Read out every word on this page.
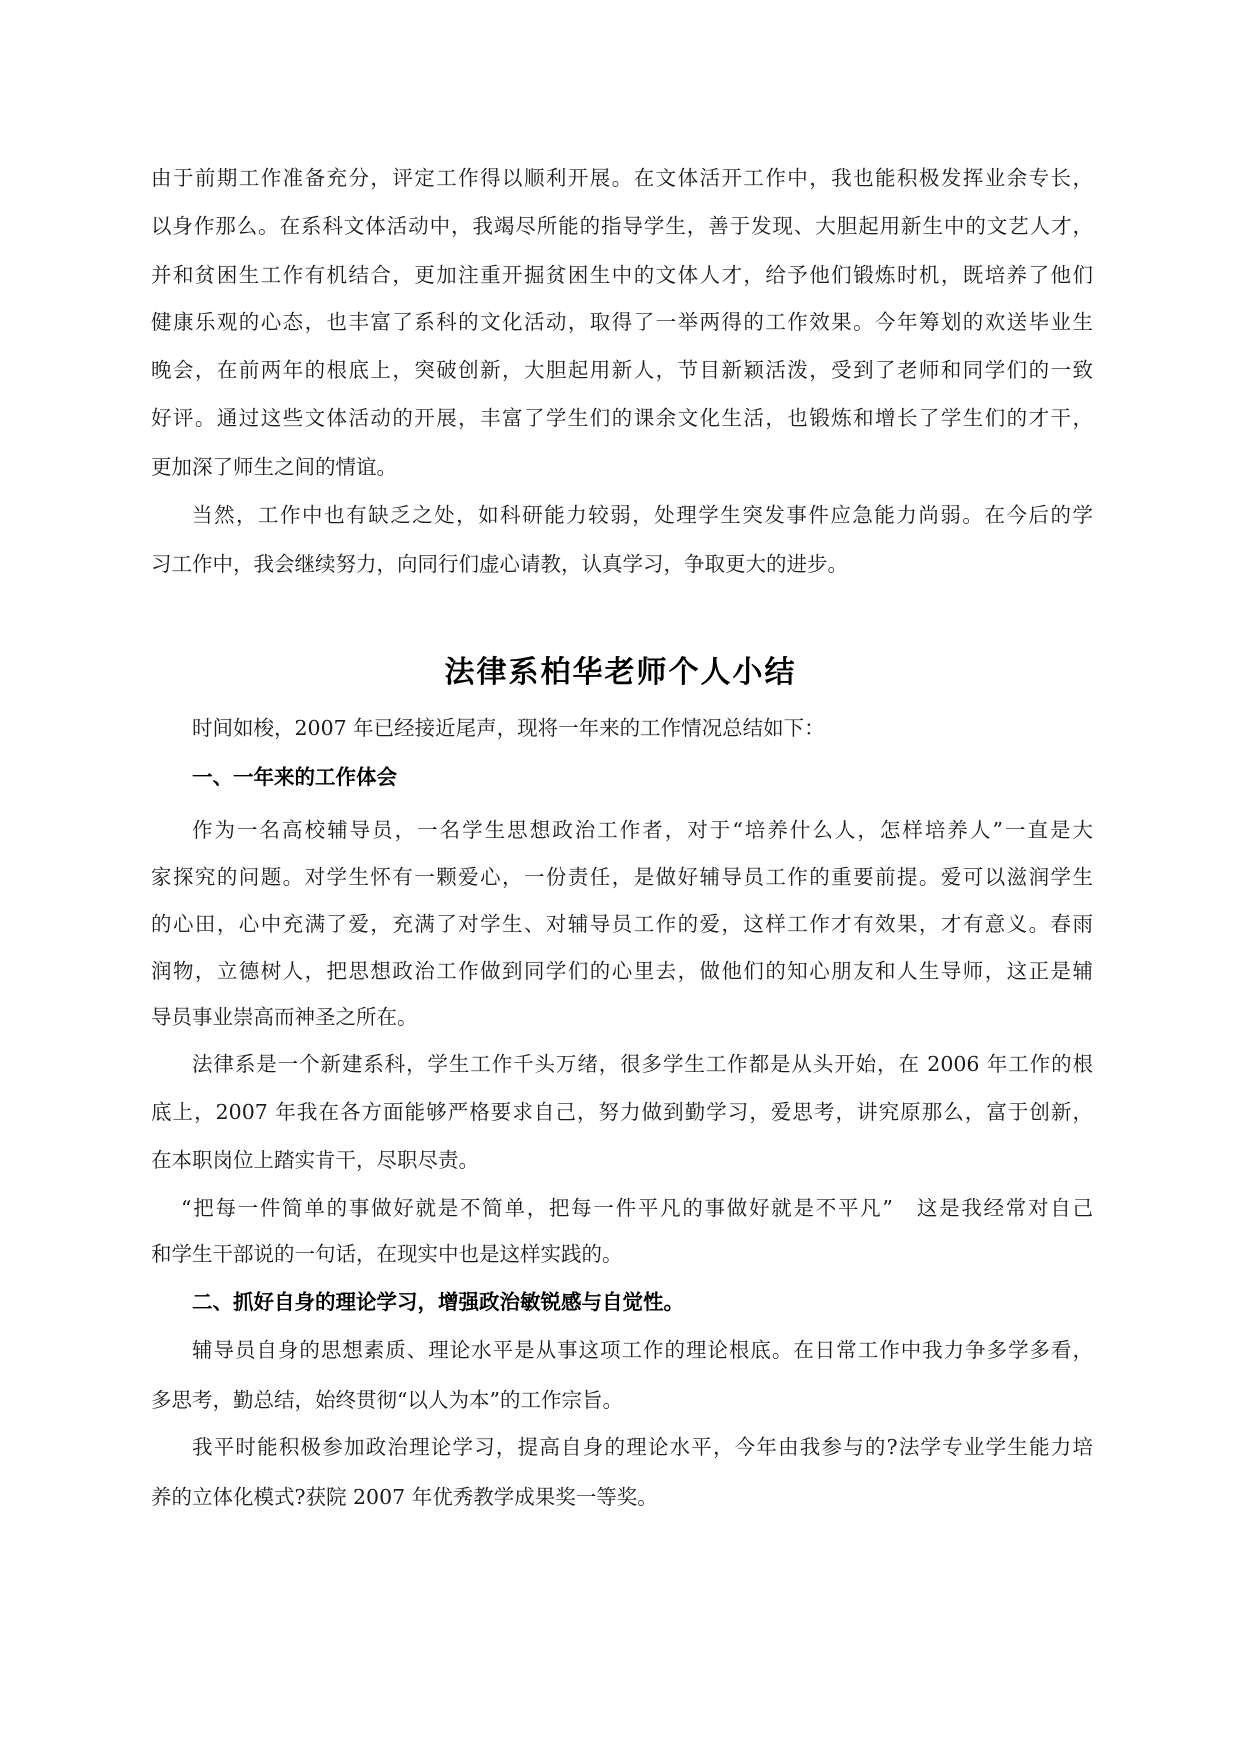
由于前期工作准备充分，评定工作得以顺利开展。在文体活开工作中，我也能积极发挥业余专长，
以身作那么。在系科文体活动中，我竭尽所能的指导学生，善于发现、大胆起用新生中的文艺人才，
并和贫困生工作有机结合，更加注重开掘贫困生中的文体人才，给予他们锻炼时机，既培养了他们
健康乐观的心态，也丰富了系科的文化活动，取得了一举两得的工作效果。今年筹划的欢送毕业生
晚会，在前两年的根底上，突破创新，大胆起用新人，节目新颖活泼，受到了老师和同学们的一致
好评。通过这些文体活动的开展，丰富了学生们的课余文化生活，也锻炼和增长了学生们的才干，
更加深了师生之间的情谊。
当然，工作中也有缺乏之处，如科研能力较弱，处理学生突发事件应急能力尚弱。在今后的学
习工作中，我会继续努力，向同行们虚心请教，认真学习，争取更大的进步。
法律系柏华老师个人小结
时间如梭，2007 年已经接近尾声，现将一年来的工作情况总结如下：
一、一年来的工作体会
作为一名高校辅导员，一名学生思想政治工作者，对于“培养什么人，怎样培养人”一直是大
家探究的问题。对学生怀有一颗爱心，一份责任，是做好辅导员工作的重要前提。爱可以滋润学生
的心田，心中充满了爱，充满了对学生、对辅导员工作的爱，这样工作才有效果，才有意义。春雨
润物，立德树人，把思想政治工作做到同学们的心里去，做他们的知心朋友和人生导师，这正是辅
导员事业崇高而神圣之所在。
法律系是一个新建系科，学生工作千头万绪，很多学生工作都是从头开始，在 2006 年工作的根
底上，2007 年我在各方面能够严格要求自己，努力做到勤学习，爱思考，讲究原那么，富于创新，
在本职岗位上踏实肯干，尽职尽责。
“把每一件简单的事做好就是不简单，把每一件平凡的事做好就是不平凡”　这是我经常对自己
和学生干部说的一句话，在现实中也是这样实践的。
二、抓好自身的理论学习，增强政治敏锐感与自觉性。
辅导员自身的思想素质、理论水平是从事这项工作的理论根底。在日常工作中我力争多学多看，
多思考，勤总结，始终贯彻“以人为本”的工作宗旨。
我平时能积极参加政治理论学习，提高自身的理论水平，今年由我参与的?法学专业学生能力培
养的立体化模式?获院 2007 年优秀教学成果奖一等奖。
